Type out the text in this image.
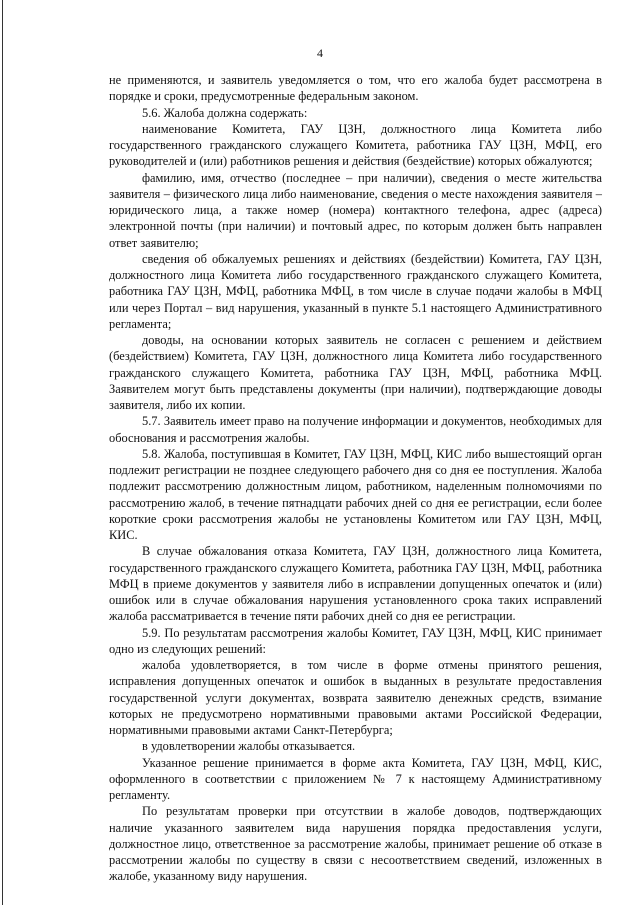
4

не применяются, и заявитель уведомляется о том, что его жалоба будет рассмотрена в порядке и сроки, предусмотренные федеральным законом.

5.6. Жалоба должна содержать:

наименование Комитета, ГАУ ЦЗН, должностного лица Комитета либо государственного гражданского служащего Комитета, работника ГАУ ЦЗН, МФЦ, его руководителей и (или) работников решения и действия (бездействие) которых обжалуются;

фамилию, имя, отчество (последнее – при наличии), сведения о месте жительства заявителя – физического лица либо наименование, сведения о месте нахождения заявителя – юридического лица, а также номер (номера) контактного телефона, адрес (адреса) электронной почты (при наличии) и почтовый адрес, по которым должен быть направлен ответ заявителю;

сведения об обжалуемых решениях и действиях (бездействии) Комитета, ГАУ ЦЗН, должностного лица Комитета либо государственного гражданского служащего Комитета, работника ГАУ ЦЗН, МФЦ, работника МФЦ, в том числе в случае подачи жалобы в МФЦ или через Портал – вид нарушения, указанный в пункте 5.1 настоящего Административного регламента;

доводы, на основании которых заявитель не согласен с решением и действием (бездействием) Комитета, ГАУ ЦЗН, должностного лица Комитета либо государственного гражданского служащего Комитета, работника ГАУ ЦЗН, МФЦ, работника МФЦ. Заявителем могут быть представлены документы (при наличии), подтверждающие доводы заявителя, либо их копии.

5.7. Заявитель имеет право на получение информации и документов, необходимых для обоснования и рассмотрения жалобы.

5.8. Жалоба, поступившая в Комитет, ГАУ ЦЗН, МФЦ, КИС либо вышестоящий орган подлежит регистрации не позднее следующего рабочего дня со дня ее поступления. Жалоба подлежит рассмотрению должностным лицом, работником, наделенным полномочиями по рассмотрению жалоб, в течение пятнадцати рабочих дней со дня ее регистрации, если более короткие сроки рассмотрения жалобы не установлены Комитетом или ГАУ ЦЗН, МФЦ, КИС.

В случае обжалования отказа Комитета, ГАУ ЦЗН, должностного лица Комитета, государственного гражданского служащего Комитета, работника ГАУ ЦЗН, МФЦ, работника МФЦ в приеме документов у заявителя либо в исправлении допущенных опечаток и (или) ошибок или в случае обжалования нарушения установленного срока таких исправлений жалоба рассматривается в течение пяти рабочих дней со дня ее регистрации.

5.9. По результатам рассмотрения жалобы Комитет, ГАУ ЦЗН, МФЦ, КИС принимает одно из следующих решений:

жалоба удовлетворяется, в том числе в форме отмены принятого решения, исправления допущенных опечаток и ошибок в выданных в результате предоставления государственной услуги документах, возврата заявителю денежных средств, взимание которых не предусмотрено нормативными правовыми актами Российской Федерации, нормативными правовыми актами Санкт-Петербурга;

в удовлетворении жалобы отказывается.

Указанное решение принимается в форме акта Комитета, ГАУ ЦЗН, МФЦ, КИС, оформленного в соответствии с приложением № 7 к настоящему Административному регламенту.

По результатам проверки при отсутствии в жалобе доводов, подтверждающих наличие указанного заявителем вида нарушения порядка предоставления услуги, должностное лицо, ответственное за рассмотрение жалобы, принимает решение об отказе в рассмотрении жалобы по существу в связи с несоответствием сведений, изложенных в жалобе, указанному виду нарушения.
